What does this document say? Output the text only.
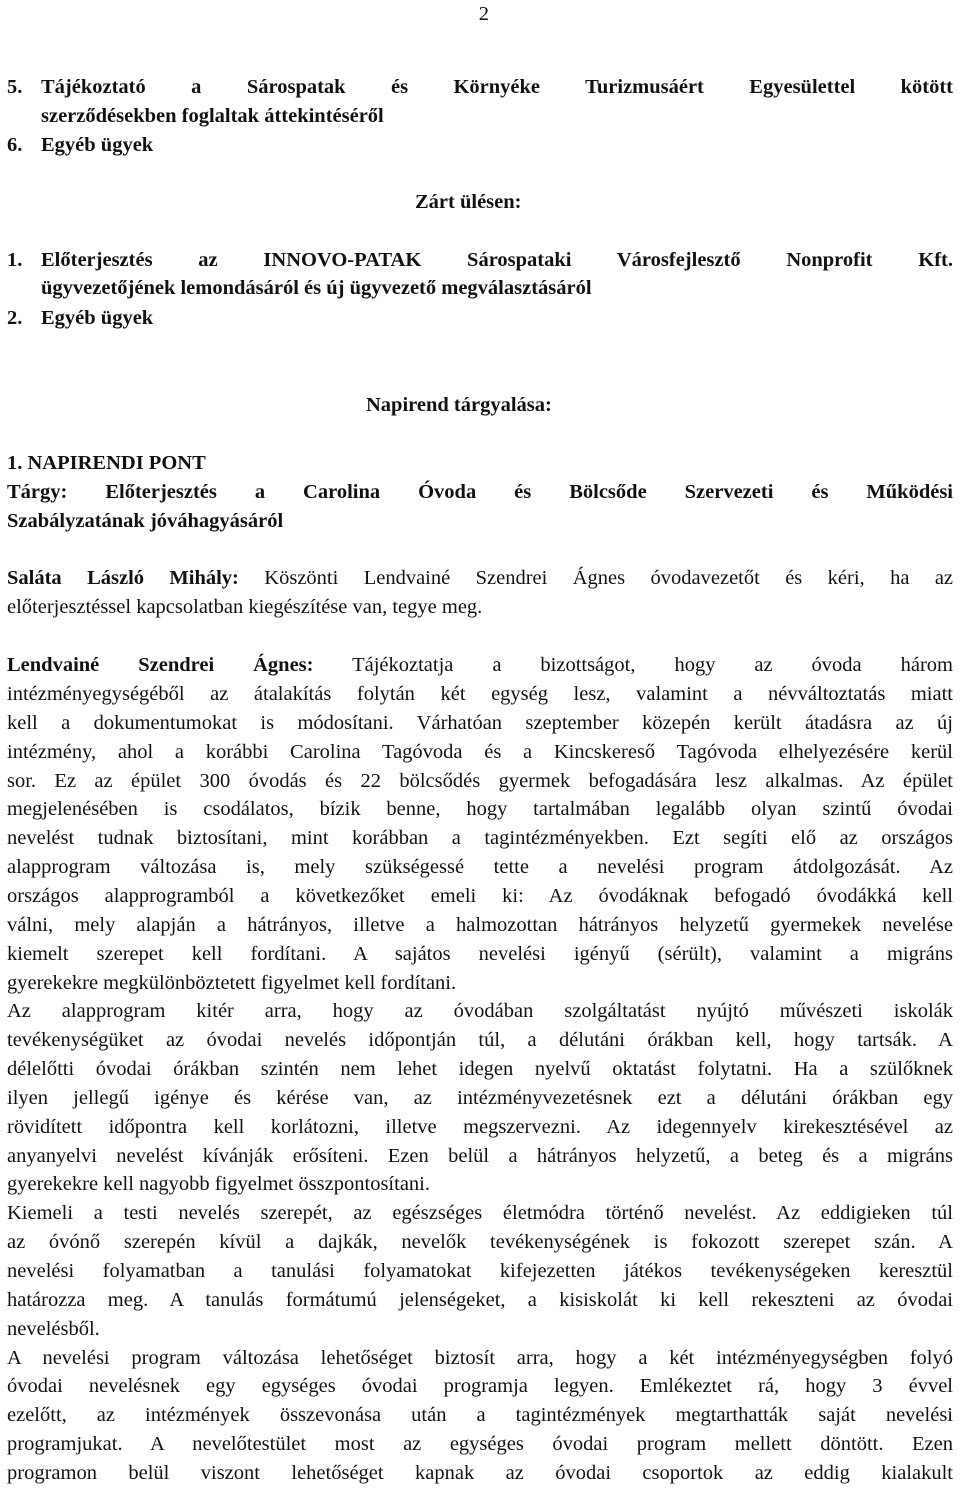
2
5. Tájékoztató a Sárospatak és Környéke Turizmusáért Egyesülettel kötött
szerződésekben foglaltak áttekintéséről
6. Egyéb ügyek
Zárt ülésen:
1. Előterjesztés az INNOVO-PATAK Sárospataki Városfejlesztő Nonprofit Kft.
ügyvezetőjének lemondásáról és új ügyvezető megválasztásáról
2. Egyéb ügyek
Napirend tárgyalása:
1. NAPIRENDI PONT
Tárgy: Előterjesztés a Carolina Óvoda és Bölcsőde Szervezeti és Működési
Szabályzatának jóváhagyásáról
Saláta László Mihály: Köszönti Lendvainé Szendrei Ágnes óvodavezetőt és kéri, ha az
előterjesztéssel kapcsolatban kiegészítése van, tegye meg.
Lendvainé Szendrei Ágnes: Tájékoztatja a bizottságot, hogy az óvoda három
intézményegységéből az átalakítás folytán két egység lesz, valamint a névváltoztatás miatt
kell a dokumentumokat is módosítani. Várhatóan szeptember közepén került átadásra az új
intézmény, ahol a korábbi Carolina Tagóvoda és a Kincskereső Tagóvoda elhelyezésére kerül
sor. Ez az épület 300 óvodás és 22 bölcsődés gyermek befogadására lesz alkalmas. Az épület
megjelenésében is csodálatos, bízik benne, hogy tartalmában legalább olyan szintű óvodai
nevelést tudnak biztosítani, mint korábban a tagintézményekben. Ezt segíti elő az országos
alapprogram változása is, mely szükségessé tette a nevelési program átdolgozását. Az
országos alapprogramból a következőket emeli ki: Az óvodáknak befogadó óvodákká kell
válni, mely alapján a hátrányos, illetve a halmozottan hátrányos helyzetű gyermekek nevelése
kiemelt szerepet kell fordítani. A sajátos nevelési igényű (sérült), valamint a migráns
gyerekekre megkülönböztetett figyelmet kell fordítani.
Az alapprogram kitér arra, hogy az óvodában szolgáltatást nyújtó művészeti iskolák
tevékenységüket az óvodai nevelés időpontján túl, a délutáni órákban kell, hogy tartsák. A
délelőtti óvodai órákban szintén nem lehet idegen nyelvű oktatást folytatni. Ha a szülőknek
ilyen jellegű igénye és kérése van, az intézményvezetésnek ezt a délutáni órákban egy
rövidített időpontra kell korlátozni, illetve megszervezni. Az idegennyelv kirekesztésével az
anyanyelvi nevelést kívánják erősíteni. Ezen belül a hátrányos helyzetű, a beteg és a migráns
gyerekekre kell nagyobb figyelmet összpontosítani.
Kiemeli a testi nevelés szerepét, az egészséges életmódra történő nevelést. Az eddigieken túl
az óvónő szerepén kívül a dajkák, nevelők tevékenységének is fokozott szerepet szán. A
nevelési folyamatban a tanulási folyamatokat kifejezetten játékos tevékenységeken keresztül
határozza meg. A tanulás formátumú jelenségeket, a kisiskolát ki kell rekeszteni az óvodai
nevelésből.
A nevelési program változása lehetőséget biztosít arra, hogy a két intézményegységben folyó
óvodai nevelésnek egy egységes óvodai programja legyen. Emlékeztet rá, hogy 3 évvel
ezelőtt, az intézmények összevonása után a tagintézmények megtarthatták saját nevelési
programjukat. A nevelőtestület most az egységes óvodai program mellett döntött. Ezen
programon belül viszont lehetőséget kapnak az óvodai csoportok az eddig kialakult
